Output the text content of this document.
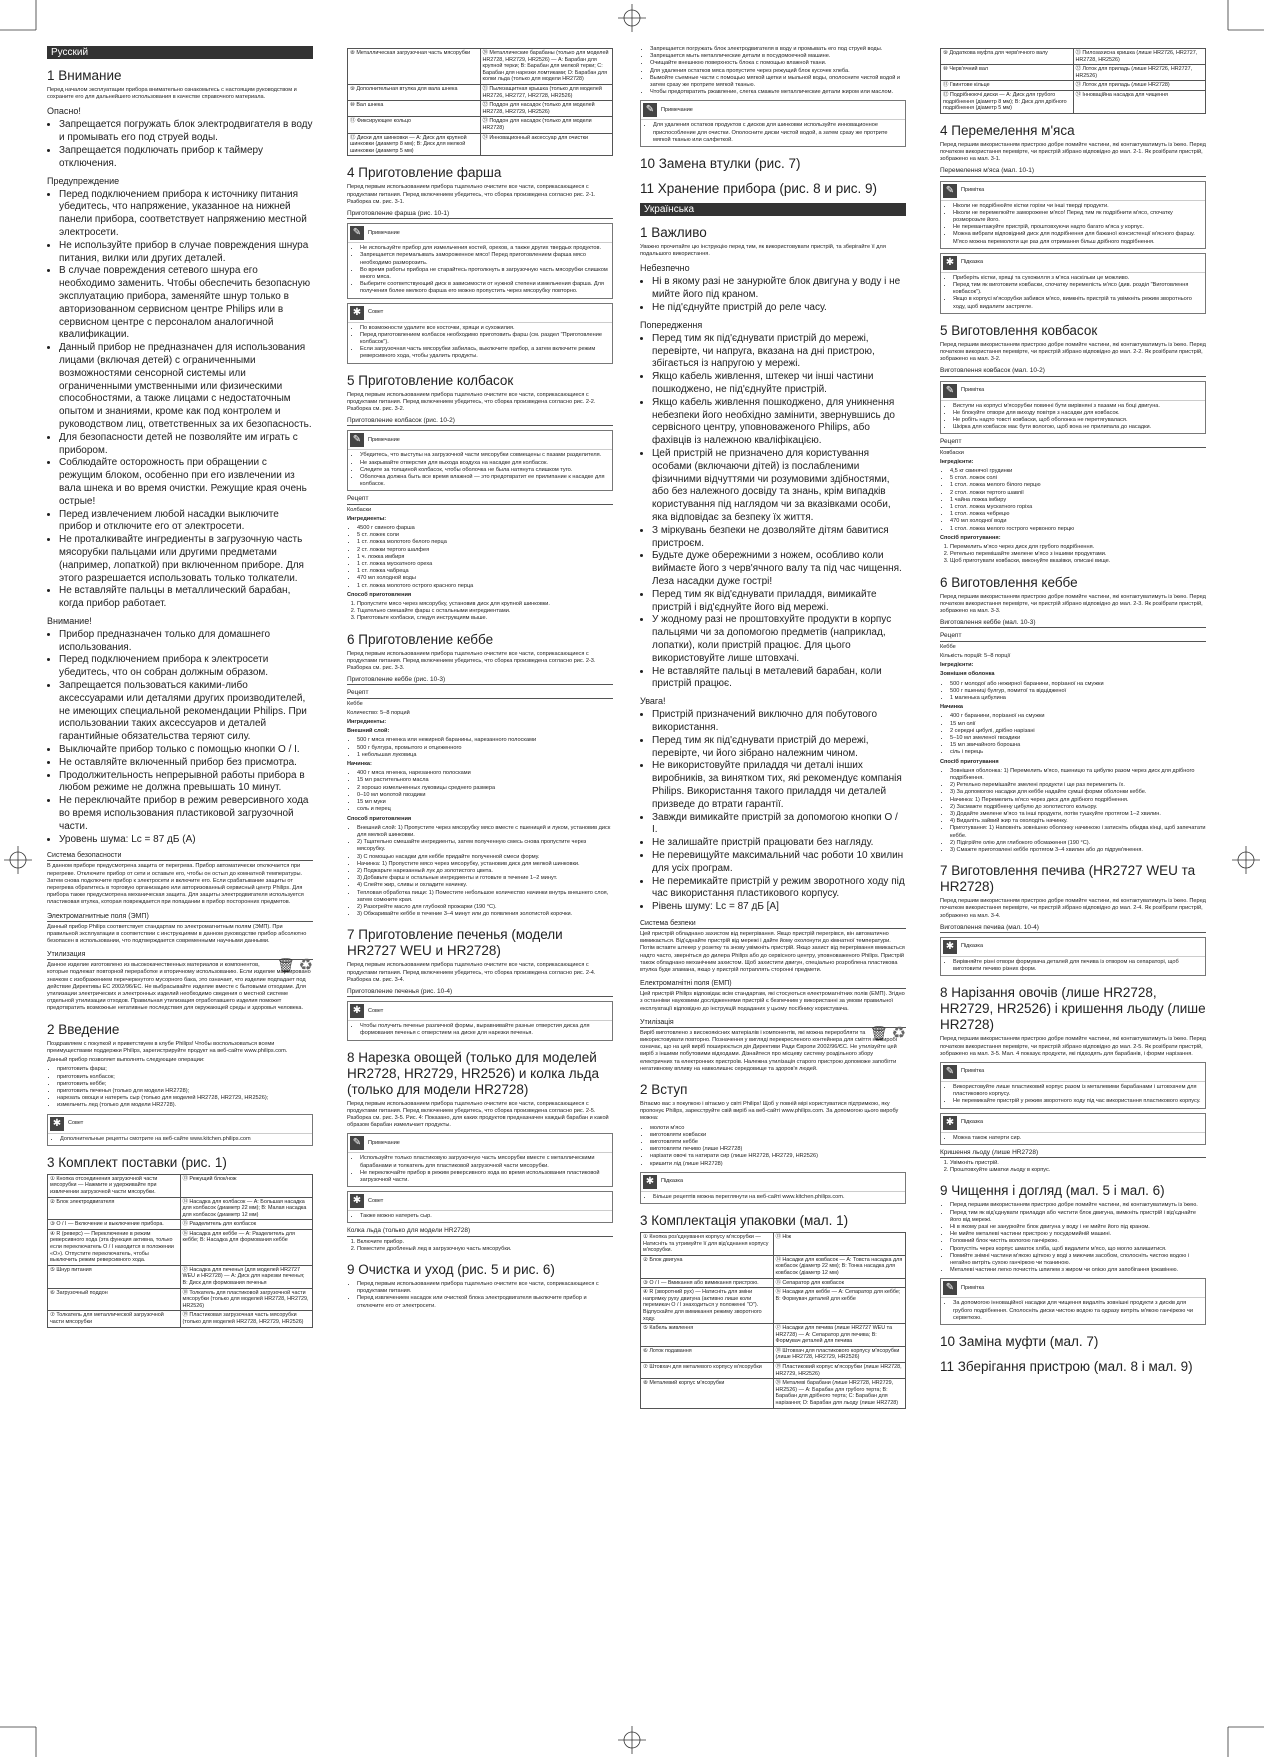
Русский
1 Внимание

Перед началом эксплуатации прибора внимательно ознакомьтесь с настоящим руководством и сохраните его для дальнейшего использования в качестве справочного материала.

Опасно!
• Запрещается погружать блок электродвигателя в воду и промывать его под струей воды.
• Запрещается подключать прибор к таймеру отключения.
Предупреждение
• Перед подключением прибора к источнику питания убедитесь, что напряжение, указанное на нижней панели прибора, соответствует напряжению местной электросети.
• Не используйте прибор в случае повреждения шнура питания, вилки или других деталей.
• В случае повреждения сетевого шнура его необходимо заменить. Чтобы обеспечить безопасную эксплуатацию прибора, заменяйте шнур только в авторизованном сервисном центре Philips или в сервисном центре с персоналом аналогичной квалификации.
• Данный прибор не предназначен для использования лицами (включая детей) с ограниченными возможностями сенсорной системы или ограниченными умственными или физическими способностями, а также лицами с недостаточным опытом и знаниями, кроме как под контролем и руководством лиц, ответственных за их безопасность.
• Для безопасности детей не позволяйте им играть с прибором.
• Соблюдайте осторожность при обращении с режущим блоком, особенно при его извлечении из вала шнека и во время очистки. Режущие края очень острые!
• Перед извлечением любой насадки выключите прибор и отключите его от электросети.
• Не проталкивайте ингредиенты в загрузочную часть мясорубки пальцами или другими предметами (например, лопаткой) при включенном приборе. Для этого разрешается использовать только толкатели.
• Не вставляйте пальцы в металлический барабан, когда прибор работает.
Внимание!
• Прибор предназначен только для домашнего использования.
• Перед подключением прибора к электросети убедитесь, что он собран должным образом.
• Запрещается пользоваться какими-либо аксессуарами или деталями других производителей, не имеющих специальной рекомендации Philips. При использовании таких аксессуаров и деталей гарантийные обязательства теряют силу.
• Выключайте прибор только с помощью кнопки О / I.
• Не оставляйте включенный прибор без присмотра.
• Продолжительность непрерывной работы прибора в любом режиме не должна превышать 10 минут.
• Не переключайте прибор в режим реверсивного хода во время использования пластиковой загрузочной части.
• Уровень шума: Lc = 87 дБ (A)
Система безопасности

В данном приборе предусмотрена защита от перегрева. Прибор автоматически отключается при перегреве. Отключите прибор от сети и оставьте его, чтобы он остыл до комнатной температуры. Затем снова подключите прибор к электросети и включите его. Если срабатывание защиты от перегрева обратитесь в торговую организацию или авторизованный сервисный центр Philips. Для прибора также предусмотрена механическая защита. Для защиты электродвигателя используется пластиковая втулка, которая повреждается при попадании в прибор посторонних предметов.

Электромагнитные поля (ЭМП)

Данный прибор Philips соответствует стандартам по электромагнитным полям (ЭМП). При правильной эксплуатации в соответствии с инструкциями в данном руководстве прибор абсолютно безопасен в использовании, что подтверждается современными научными данными.

Утилизация

♻
🗑
Данное изделие изготовлено из высококачественных материалов и компонентов, которые подлежат повторной переработке и вторичному использованию. Если изделие маркировано значком с изображением перечеркнутого мусорного бака, это означает, что изделие подпадает под действие Директивы ЕС 2002/96/EC. Не выбрасывайте изделие вместе с бытовыми отходами. Для утилизации электрических и электронных изделий необходимо сведения о местной системе отдельной утилизации отходов. Правильная утилизация отработавшего изделия поможет предотвратить возможные негативные последствия для окружающей среды и здоровья человека.

2 Введение

Поздравляем с покупкой и приветствуем в клубе Philips! Чтобы воспользоваться всеми преимуществами поддержки Philips, зарегистрируйте продукт на веб-сайте www.philips.com.

Данный прибор позволяет выполнять следующие операции:

• приготовить фарш;
• приготовить колбасок;
• приготовить кеббе;
• приготовить печенья (только для модели HR2728);
• нарезать овощи и натереть сыр (только для моделей HR2728, HR2729, HR2526);
• измельчить лед (только для модели HR2728).
✱	Совет
• Дополнительные рецепты смотрите на веб-сайте www.kitchen.philips.com
3 Комплект поставки (рис. 1)
① Кнопка отсоединения загрузочной части мясорубки — Нажмите и удерживайте при извлечении загрузочной части мясорубки.	⑬ Режущий блок/нож
② Блок электродвигателя	⑭ Насадка для колбасок — A: Большая насадка для колбасок (диаметр 22 мм); B: Малая насадка для колбасок (диаметр 12 мм)
③ О / I — Включение и выключение прибора.	⑮ Разделитель для колбасок
④ R (реверс) — Переключение в режим реверсивного хода (эта функция активна, только если переключатель О / I находится в положении «О»). Отпустите переключатель, чтобы выключить режим реверсивного хода.	⑯ Насадка для кеббе — A: Разделитель для кеббе; B: Насадка для формования кеббе
⑤ Шнур питания	⑰ Насадка для печенья (для моделей HR2727 WEU и HR2728) — A: Диск для нарезки печенья; B: Диск для формования печенья
⑥ Загрузочный поддон	⑱ Толкатель для пластиковой загрузочной части мясорубки (только для моделей HR2728, HR2729, HR2526)
⑦ Толкатель для металлической загрузочной части мясорубки	⑲ Пластиковая загрузочная часть мясорубки (только для моделей HR2728, HR2729, HR2526)
⑧ Металлическая загрузочная часть мясорубки	⑳ Металлические барабаны (только для моделей HR2728, HR2729, HR2526) — A: Барабан для крупной терки; B: Барабан для мелкой терки; C: Барабан для нарезки ломтиками; D: Барабан для колки льда (только для модели HR2728)
⑨ Дополнительная втулка для вала шнека	㉑ Пылезащитная крышка (только для моделей HR2726, HR2727, HR2728, HR2526)
⑩ Вал шнека	㉒ Поддон для насадок (только для моделей HR2728, HR2729, HR2526)
⑪ Фиксирующее кольцо	㉓ Поддон для насадок (только для модели HR2728)
⑫ Диски для шинковки — A: Диск для крупной шинковки (диаметр 8 мм); B: Диск для мелкой шинковки (диаметр 5 мм)	㉔ Инновационный аксессуар для очистки
4 Приготовление фарша

Перед первым использованием прибора тщательно очистите все части, соприкасающиеся с продуктами питания. Перед включением убедитесь, что сборка произведена согласно рис. 2-1. Разборка см. рис. 3-1.

Приготовление фарша (рис. 10-1)
✎	Примечание
• Не используйте прибор для измельчения костей, орехов, а также других твердых продуктов.
• Запрещается перемалывать замороженное мясо! Перед приготовлением фарша мясо необходимо разморозить.
• Во время работы прибора не старайтесь протолкнуть в загрузочную часть мясорубки слишком много мяса.
• Выберите соответствующий диск в зависимости от нужной степени измельчения фарша. Для получения более мелкого фарша его можно пропустить через мясорубку повторно.
✱	Совет
• По возможности удалите все косточки, хрящи и сухожилия.
• Перед приготовлением колбасок необходимо приготовить фарш (см. раздел "Приготовление колбасок").
• Если загрузочная часть мясорубки забилась, выключите прибор, а затем включите режим реверсивного хода, чтобы удалить продукты.
5 Приготовление колбасок

Перед первым использованием прибора тщательно очистите все части, соприкасающиеся с продуктами питания. Перед включением убедитесь, что сборка произведена согласно рис. 2-2. Разборка см. рис. 3-2.

Приготовление колбасок (рис. 10-2)
✎	Примечание
• Убедитесь, что выступы на загрузочной части мясорубки совмещены с пазами разделителя.
• Не закрывайте отверстия для выхода воздуха на насадке для колбасок.
• Следите за толщиной колбасок, чтобы оболочка не была натянута слишком туго.
• Оболочка должна быть все время влажной — это предотвратит ее прилипание к насадке для колбасок.
Рецепт

Колбаски

Ингредиенты:

• 4500 г свиного фарша
• 5 ст. ложек соли
• 1 ст. ложка молотого белого перца
• 2 ст. ложки тертого шалфея
• 1 ч. ложка имбиря
• 1 ст. ложка мускатного ореха
• 1 ст. ложка чабреца
• 470 мл холодной воды
• 1 ст. ложка молотого острого красного перца

Способ приготовления

1. Пропустите мясо через мясорубку, установив диск для крупной шинковки.
2. Тщательно смешайте фарш с остальными ингредиентами.
3. Приготовьте колбаски, следуя инструкциям выше.
6 Приготовление кеббе

Перед первым использованием прибора тщательно очистите все части, соприкасающиеся с продуктами питания. Перед включением убедитесь, что сборка произведена согласно рис. 2-3. Разборка см. рис. 3-3.

Приготовление кеббе (рис. 10-3)
Рецепт

Кеббе

Количество: 5–8 порций

Ингредиенты:

Внешний слой:

• 500 г мяса ягненка или нежирной баранины, нарезанного полосками
• 500 г булгура, промытого и отцеженного
• 1 небольшая луковица

Начинка:

• 400 г мяса ягненка, нарезанного полосками
• 15 мл растительного масла
• 2 хорошо измельченных луковицы среднего размера
• 0–10 мл молотой гвоздики
• 15 мл муки
• соль и перец

Способ приготовления

• Внешний слой: 1) Пропустите через мясорубку мясо вместе с пшеницей и луком, установив диск для мелкой шинковки.
• 2) Тщательно смешайте ингредиенты, затем полученную смесь снова пропустите через мясорубку.
• 3) С помощью насадки для кеббе придайте полученной смеси форму.
• Начинка: 1) Пропустите мясо через мясорубку, установив диск для мелкой шинковки.
• 2) Поджарьте нарезанный лук до золотистого цвета.
• 3) Добавьте фарш и остальные ингредиенты и готовьте в течение 1–2 минут.
• 4) Слейте жир, сливы и охладите начинку.
• Тепловая обработка пищи: 1) Поместите небольшое количество начинки внутрь внешнего слоя, затем сомкните края.
• 2) Разогрейте масло для глубокой прожарки (190 °C).
• 3) Обжаривайте кеббе в течение 3–4 минут или до появления золотистой корочки.
7 Приготовление печенья (модели HR2727 WEU и HR2728)

Перед первым использованием прибора тщательно очистите все части, соприкасающиеся с продуктами питания. Перед включением убедитесь, что сборка произведена согласно рис. 2-4. Разборка см. рис. 3-4.

Приготовление печенья (рис. 10-4)
✱	Совет
• Чтобы получить печенье различной формы, выравнивайте разные отверстия диска для формования печенья с отверстием на диске для нарезки печенья.
8 Нарезка овощей (только для моделей HR2728, HR2729, HR2526) и колка льда (только для модели HR2728)

Перед первым использованием прибора тщательно очистите все части, соприкасающиеся с продуктами питания. Перед включением убедитесь, что сборка произведена согласно рис. 2-5. Разборка см. рис. 3-5. Рис. 4: Показано, для каких продуктов предназначен каждый барабан и какой образом барабан измельчает продукты.

✎	Примечание
• Используйте только пластиковую загрузочную часть мясорубки вместе с металлическими барабанами и толкатель для пластиковой загрузочной части мясорубки.
• Не переключайте прибор в режим реверсивного хода во время использования пластиковой загрузочной части.
✱	Совет
• Также можно натереть сыр.
Колка льда (только для модели HR2728)
1. Включите прибор.
2. Поместите дробленый лед в загрузочную часть мясорубки.
9 Очистка и уход (рис. 5 и рис. 6)
• Перед первым использованием прибора тщательно очистите все части, соприкасающиеся с продуктами питания.
• Перед извлечением насадок или очисткой блока электродвигателя выключите прибор и отключите его от электросети.
• Запрещается погружать блок электродвигателя в воду и промывать его под струей воды.
• Запрещается мыть металлические детали в посудомоечной машине.
• Очищайте внешнюю поверхность блока с помощью влажной ткани.
• Для удаления остатков мяса пропустите через режущий блок кусочек хлеба.
• Вымойте съемные части с помощью мягкой щетки и мыльной воды, ополосните чистой водой и затем сразу же протрите мягкой тканью.
• Чтобы предотвратить ржавление, слегка смажьте металлические детали жиром или маслом.
✎	Примечание
• Для удаления остатков продуктов с дисков для шинковки используйте инновационное приспособление для очистки. Ополосните диски чистой водой, а затем сразу же протрите мягкой тканью или салфеткой.
10 Замена втулки (рис. 7)
11 Хранение прибора (рис. 8 и рис. 9)
Українська
1 Важливо

Уважно прочитайте цю інструкцію перед тим, як використовувати пристрій, та зберігайте її для подальшого використання.

Небезпечно
• Ні в якому разі не занурюйте блок двигуна у воду і не мийте його під краном.
• Не під'єднуйте пристрій до реле часу.
Попередження
• Перед тим як під'єднувати пристрій до мережі, перевірте, чи напруга, вказана на дні пристрою, збігається із напругою у мережі.
• Якщо кабель живлення, штекер чи інші частини пошкоджено, не під'єднуйте пристрій.
• Якщо кабель живлення пошкоджено, для уникнення небезпеки його необхідно замінити, звернувшись до сервісного центру, уповноваженого Philips, або фахівців із належною кваліфікацією.
• Цей пристрій не призначено для користування особами (включаючи дітей) із послабленими фізичними відчуттями чи розумовими здібностями, або без належного досвіду та знань, крім випадків користування під наглядом чи за вказівками особи, яка відповідає за безпеку їх життя.
• З міркувань безпеки не дозволяйте дітям бавитися пристроєм.
• Будьте дуже обережними з ножем, особливо коли виймаєте його з черв'ячного валу та під час чищення. Леза насадки дуже гострі!
• Перед тим як від'єднувати приладдя, вимикайте пристрій і від'єднуйте його від мережі.
• У жодному разі не проштовхуйте продукти в корпус пальцями чи за допомогою предметів (наприклад, лопатки), коли пристрій працює. Для цього використовуйте лише штовхачі.
• Не вставляйте пальці в металевий барабан, коли пристрій працює.
Увага!
• Пристрій призначений виключно для побутового використання.
• Перед тим як під'єднувати пристрій до мережі, перевірте, чи його зібрано належним чином.
• Не використовуйте приладдя чи деталі інших виробників, за винятком тих, які рекомендує компанія Philips. Використання такого приладдя чи деталей призведе до втрати гарантії.
• Завжди вимикайте пристрій за допомогою кнопки О / I.
• Не залишайте пристрій працювати без нагляду.
• Не перевищуйте максимальний час роботи 10 хвилин для усіх програм.
• Не перемикайте пристрій у режим зворотного ходу під час використання пластикового корпусу.
• Рівень шуму: Lc = 87 дБ [A]
Система безпеки

Цей пристрій обладнано захистом від перегрівання. Якщо пристрій перегрівся, він автоматично вимикається. Від'єднайте пристрій від мережі і дайте йому охолонути до кімнатної температури. Потім вставте штекер у розетку та знову увімкніть пристрій. Якщо захист від перегрівання вмикається надто часто, зверніться до дилера Philips або до сервісного центру, уповноваженого Philips. Пристрій також обладнано механічним захистом. Щоб захистити двигун, спеціально розроблена пластикова втулка буде зламана, якщо у пристрій потраплять сторонні предмети.

Електромагнітні поля (ЕМП)

Цей пристрій Philips відповідає всім стандартам, які стосуються електромагнітних полів (ЕМП). Згідно з останніми науковими дослідженнями пристрій є безпечним у використанні за умови правильної експлуатації відповідно до інструкцій подаданих у цьому посібнику користувача.

Утилізація

♻
🗑
Виріб виготовлено з високоякісних матеріалів і компонентів, які можна переробляти та використовувати повторно. Позначення у вигляді перекресленого контейнера для сміття на виробі означає, що на цей виріб поширюється дія Директиви Ради Європи 2002/96/ЄС. Не утилізуйте цей виріб з іншими побутовими відходами. Дізнайтеся про місцеву систему роздільного збору електричних та електронних пристроїв. Належна утилізація старого пристрою допоможе запобігти негативному впливу на навколишнє середовище та здоров'я людей.

2 Вступ

Вітаємо вас з покупкою і вітаємо у світі Philips! Щоб у повній мірі користуватися підтримкою, яку пропонує Philips, зареєструйте свій виріб на веб-сайті www.philips.com. За допомогою цього виробу можна:

• молоти м'ясо
• виготовляти ковбаски
• виготовляти кеббе
• виготовляти печиво (лише HR2728)
• нарізати овочі та натирати сир (лише HR2728, HR2729, HR2526)
• кришити лід (лише HR2728)
✱	Підказка
• Більше рецептів можна переглянути на веб-сайті www.kitchen.philips.com.
3 Комплектація упаковки (мал. 1)
① Кнопка роз'єднування корпусу м'ясорубки — Натисніть та утримуйте її для від'єднання корпусу м'ясорубки.	⑬ Ніж
② Блок двигуна	⑭ Насадки для ковбасок — A: Товста насадка для ковбасок (діаметр 22 мм); B: Тонка насадка для ковбасок (діаметр 12 мм)
③ О / I — Вмикання або вимикання пристрою.	⑮ Сепаратор для ковбасок
④ R (зворотний рух) — Натисніть для зміни напрямку руху двигуна (активно лише коли перемикач О / I знаходиться у положенні "О"). Відпускайте для вимикання режиму зворотного ходу.	⑯ Насадки для кеббе — A: Сепаратор для кеббе; B: Формувач деталей для кеббе
⑤ Кабель живлення	⑰ Насадки для печива (лише HR2727 WEU та HR2728) — A: Сепаратор для печива; B: Формувач деталей для печива
⑥ Лоток подавання	⑱ Штовхач для пластикового корпусу м'ясорубки (лише HR2728, HR2729, HR2526)
⑦ Штовхач для металевого корпусу м'ясорубки	⑲ Пластиковий корпус м'ясорубки (лише HR2728, HR2729, HR2526)
⑧ Металевий корпус м'ясорубки	⑳ Металеві барабани (лише HR2728, HR2729, HR2526) — A: Барабан для грубого терта; B: Барабан для дрібного терта; C: Барабан для нарізання; D: Барабан для льоду (лише HR2728)
⑨ Додаткова муфта для черв'ячного валу	㉑ Пилозахисна кришка (лише HR2726, HR2727, HR2728, HR2526)
⑩ Черв'ячний вал	㉒ Лоток для приладь (лише HR2726, HR2727, HR2526)
⑪ Гвинтове кільце	㉓ Лоток для приладь (лише HR2728)
⑫ Подрібнюючі диски — A: Диск для грубого подрібнення (діаметр 8 мм); B: Диск для дрібного подрібнення (діаметр 5 мм)	㉔ Інноваційна насадка для чищення
4 Перемелення м'яса

Перед першим використанням пристрою добре помийте частини, які контактуватимуть із їжею. Перед початком використання перевірте, чи пристрій зібрано відповідно до мал. 2-1. Як розібрати пристрій, зображено на мал. 3-1.

Перемелення м'яса (мал. 10-1)
✎	Примітка
• Ніколи не подрібнюйте кістки горіхи чи інші тверді продукти.
• Ніколи не перемелюйте заморожене м'ясо! Перед тим як подрібнити м'ясо, спочатку розморозьте його.
• Не перевантажуйте пристрій, проштовхуючи надто багато м'яса у корпус.
• Можна вибрати відповідний диск для подрібнення для бажаної консистенції м'ясного фаршу. М'ясо можна перемолоти ще раз для отримання більш дрібного подрібнення.
✱	Підказка
• Приберіть кістки, хрящі та сухожилля з м'яса наскільки це можливо.
• Перед тим як виготовити ковбаски, спочатку перемелість м'ясо (див. розділ "Виготовлення ковбасок").
• Якщо в корпусі м'ясорубки забився м'ясо, вимкніть пристрій та увімкніть режим зворотнього ходу, щоб видалити застрягле.
5 Виготовлення ковбасок

Перед першим використанням пристрою добре помийте частини, які контактуватимуть із їжею. Перед початком використання перевірте, чи пристрій зібрано відповідно до мал. 2-2. Як розібрати пристрій, зображено на мал. 3-2.

Виготовлення ковбасок (мал. 10-2)
✎	Примітка
• Виступи на корпусі м'ясорубки повинні бути вирівняні з пазами на боці двигуна.
• Не блокуйте отвори для виходу повітря з насадки для ковбасок.
• Не робіть надто товсті ковбаски, щоб оболонка не перетягувалася.
• Шкірка для ковбасок має бути вологою, щоб вона не прилипала до насадки.
Рецепт

Ковбаски

Інгредієнти:

• 4,5 кг свинячої грудинки
• 5 стол. ложок солі
• 1 стол. ложка мелого білого перцю
• 2 стол. ложки тертого шавлії
• 1 чайна ложка імбиру
• 1 стол. ложка мускатного горіха
• 1 стол. ложка чебрецю
• 470 мл холодної води
• 1 стол. ложка мелого гострого червоного перцю

Спосіб приготування:

1. Перемелить м'ясо через диск для грубого подрібнення.
2. Ретельно перемішайте змелене м'ясо з іншими продуктами.
3. Щоб приготувати ковбаски, виконуйте вказівки, описані вище.
6 Виготовлення кеббе

Перед першим використанням пристрою добре помийте частини, які контактуватимуть із їжею. Перед початком використання перевірте, чи пристрій зібрано відповідно до мал. 2-3. Як розібрати пристрій, зображено на мал. 3-3.

Виготовлення кеббе (мал. 10-3)
Рецепт

Кеббе

Кількість порцій: 5–8 порції

Інгредієнти:

Зовнішня оболонка

• 500 г молодої або нежирної баранини, порізаної на смужки
• 500 г пшениці булгур, помитої та відцідженої
• 1 маленька цибулина

Начинка

• 400 г баранини, порізаної на смужки
• 15 мл олії
• 2 середні цибулі, дрібно нарізані
• 5–10 мл змеленої гвоздики
• 15 мл звичайного борошна
• сіль і перець

Спосіб приготування

• Зовнішня оболонка: 1) Перемелить м'ясо, пшеницю та цибулю разом через диск для дрібного подрібнення.
• 2) Ретельно перемішайте змелені продукти і ще раз перемелить їх.
• 3) За допомогою насадки для кеббе надайте сумші форми оболонки кеббе.
• Начинка: 1) Перемелить м'ясо через диск для дрібного подрібнення.
• 2) Засмажте подрібнену цибулю до золотистого кольору.
• 3) Додайте змелене м'ясо та інші продукти, потім тушкуйте протягом 1–2 хвилин.
• 4) Видаліть зайвий жир та охолодіть начинку.
• Приготування: 1) Наповніть зовнішню оболонку начинкою і затисніть обидва кінці, щоб запечатати кеббе.
• 2) Підігрійте олію для глибокого обсмаження (190 °C).
• 3) Смажте приготовлені кеббе протягом 3–4 хвилин або до підрум'янення.
7 Виготовлення печива (HR2727 WEU та HR2728)

Перед першим використанням пристрою добре помийте частини, які контактуватимуть із їжею. Перед початком використання перевірте, чи пристрій зібрано відповідно до мал. 2-4. Як розібрати пристрій, зображено на мал. 3-4.

Виготовлення печива (мал. 10-4)
✱	Підказка
• Вирівняйте різні отвори формувача деталей для печива із отвором на сепараторі, щоб виготовити печиво різних форм.
8 Нарізання овочів (лише HR2728, HR2729, HR2526) і кришення льоду (лише HR2728)

Перед першим використанням пристрою добре помийте частини, які контактуватимуть із їжею. Перед початком використання перевірте, чи пристрій зібрано відповідно до мал. 2-5. Як розібрати пристрій, зображено на мал. 3-5. Мал. 4 показує продукти, які підходять для барабанів, і форми нарізання.

✎	Примітка
• Використовуйте лише пластиковий корпус разом із металевими барабанами і штовхачем для пластикового корпусу.
• Не перемикайте пристрій у режим зворотного ходу під час використання пластикового корпусу.
✱	Підказка
• Можна також натерти сир.
Кришення льоду (лише HR2728)
1. Увімкніть пристрій.
2. Проштовхуйте шматки льоду в корпус.
9 Чищення і догляд (мал. 5 і мал. 6)
• Перед першим використанням пристрою добре помийте частини, які контактуватимуть із їжею.
• Перед тим як від'єднувати приладдя або чистити блок двигуна, вимкніть пристрій і від'єднайте його від мережі.
• Ні в якому разі не занурюйте блок двигуна у воду і не мийте його під краном.
• Не мийте металеві частини пристрою у посудомийній машині.
• Головний блок чистіть вологою ганчіркою.
• Пропустіть через корпус шматок хліба, щоб видалити м'ясо, що могло залишитися.
• Помийте знімні частини м'якою щіткою у воді з миючим засобом, сполосніть чистою водою і негайно витріть сухою ганчіркою чи тканиною.
• Металеві частини легко почистіть шпилем з жиром чи олією для запобігання іржавінню.
✎	Примітка
• За допомогою інноваційної насадки для чищення видаліть зовнішні продукти з дисків для грубого подрібнення. Сполосніть диски чистою водою та одразу витріть м'якою ганчіркою чи серветкою.
10 Заміна муфти (мал. 7)
11 Зберігання пристрою (мал. 8 і мал. 9)
